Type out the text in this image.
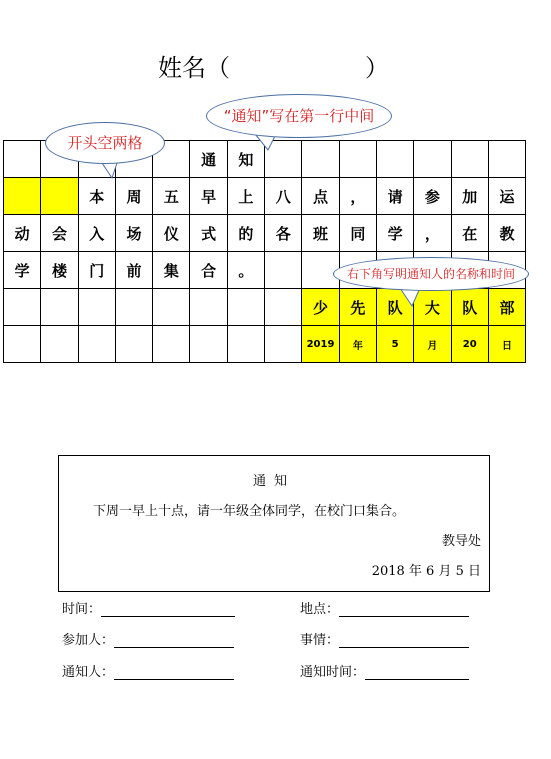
姓名（	）
					通	知							
		本	周	五	早	上	八	点	，	请	参	加	运
动	会	入	场	仪	式	的	各	班	同	学	，	在	教
学	楼	门	前	集	合	。							
								少	先	队	大	队	部
								2019	年	5	月	20	日
“通知”写在第一行中间
开头空两格
右下角写明通知人的名称和时间
通知
下周一早上十点，请一年级全体同学，在校门口集合。
教导处
2018 年 6 月 5 日
时间：	地点：
参加人：	事情：
通知人：	通知时间：
